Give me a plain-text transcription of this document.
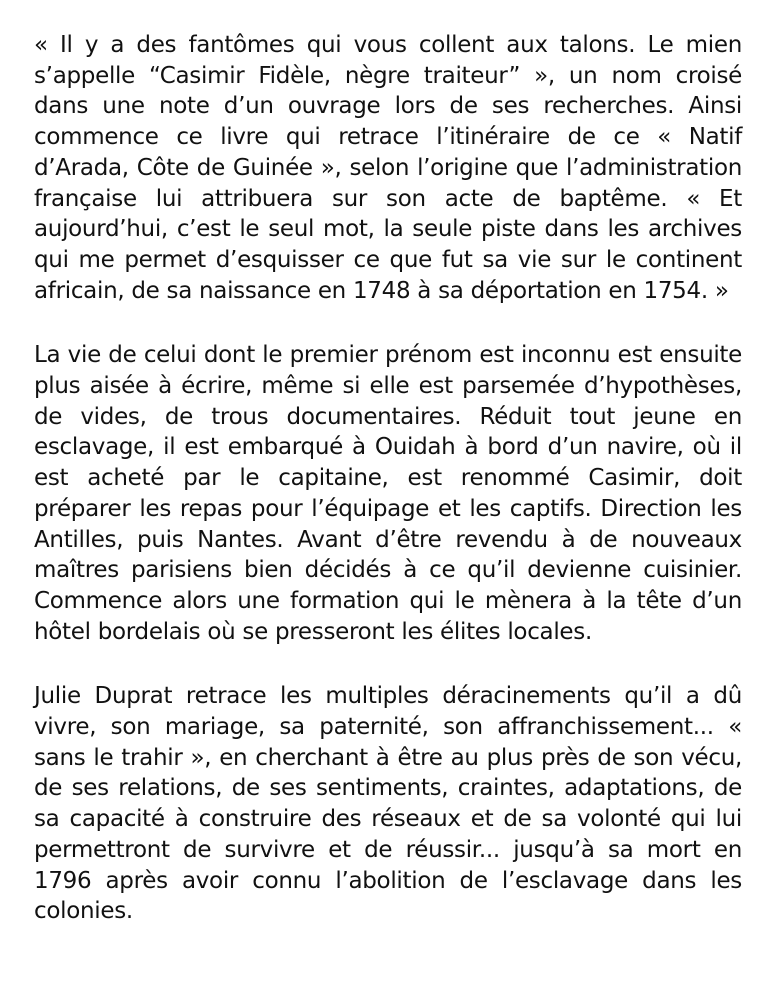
« Il y a des fantômes qui vous collent aux talons. Le mien s’appelle “Casimir Fidèle, nègre traiteur” », un nom croisé dans une note d’un ouvrage lors de ses recherches. Ainsi commence ce livre qui retrace l’itinéraire de ce « Natif d’Arada, Côte de Guinée », selon l’origine que l’administration française lui attribuera sur son acte de baptême. « Et aujourd’hui, c’est le seul mot, la seule piste dans les archives qui me permet d’esquisser ce que fut sa vie sur le continent africain, de sa naissance en 1748 à sa déportation en 1754. »

La vie de celui dont le premier prénom est inconnu est ensuite plus aisée à écrire, même si elle est parsemée d’hypothèses, de vides, de trous documentaires. Réduit tout jeune en esclavage, il est embarqué à Ouidah à bord d’un navire, où il est acheté par le capitaine, est renommé Casimir, doit préparer les repas pour l’équipage et les captifs. Direction les Antilles, puis Nantes. Avant d’être revendu à de nouveaux maîtres parisiens bien décidés à ce qu’il devienne cuisinier. Commence alors une formation qui le mènera à la tête d’un hôtel bordelais où se presseront les élites locales.

Julie Duprat retrace les multiples déracinements qu’il a dû vivre, son mariage, sa paternité, son affranchissement... « sans le trahir », en cherchant à être au plus près de son vécu, de ses relations, de ses sentiments, craintes, adaptations, de sa capacité à construire des réseaux et de sa volonté qui lui permettront de survivre et de réussir... jusqu’à sa mort en 1796 après avoir connu l’abolition de l’esclavage dans les colonies.
